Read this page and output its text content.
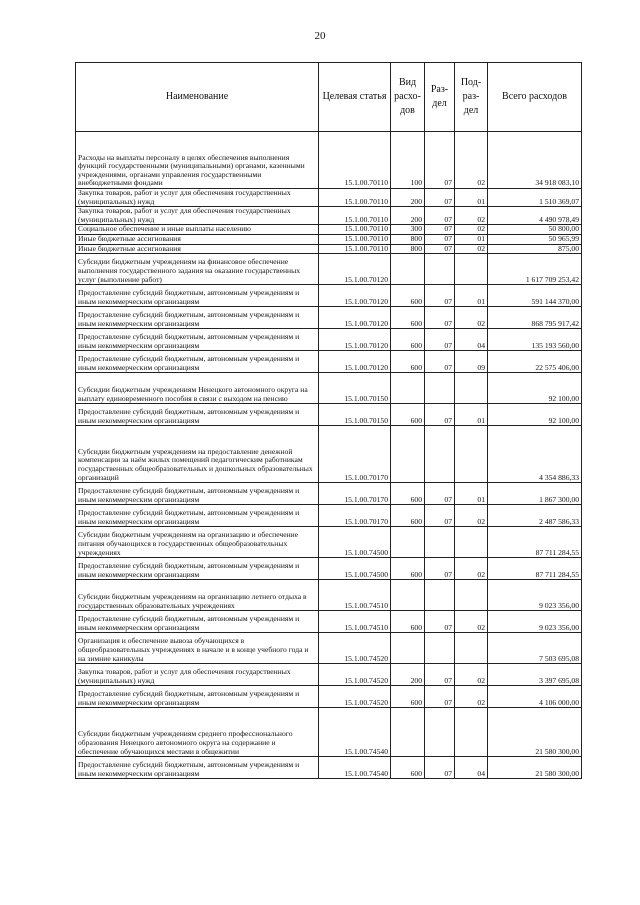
20
Наименование	Целевая статья	Вид расхо-дов	Раз-дел	Под-раз-дел	Всего расходов
Расходы на выплаты персоналу в целях обеспечения выполнения функций государственными (муниципальными) органами, казенными учреждениями, органами управления государственными внебюджетными фондами	15.1.00.70110	100	07	02	34 918 083,10
Закупка товаров, работ и услуг для обеспечения государственных (муниципальных) нужд	15.1.00.70110	200	07	01	1 510 369,07
Закупка товаров, работ и услуг для обеспечения государственных (муниципальных) нужд	15.1.00.70110	200	07	02	4 490 978,49
Социальное обеспечение и иные выплаты населению	15.1.00.70110	300	07	02	50 800,00
Иные бюджетные ассигнования	15.1.00.70110	800	07	01	50 965,99
Иные бюджетные ассигнования	15.1.00.70110	800	07	02	875,00
Субсидии бюджетным учреждениям на финансовое обеспечение выполнения государственного задания на оказание государственных услуг (выполнение работ)	15.1.00.70120				1 617 709 253,42
Предоставление субсидий бюджетным, автономным учреждениям и иным некоммерческим организациям	15.1.00.70120	600	07	01	591 144 370,00
Предоставление субсидий бюджетным, автономным учреждениям и иным некоммерческим организациям	15.1.00.70120	600	07	02	868 795 917,42
Предоставление субсидий бюджетным, автономным учреждениям и иным некоммерческим организациям	15.1.00.70120	600	07	04	135 193 560,00
Предоставление субсидий бюджетным, автономным учреждениям и иным некоммерческим организациям	15.1.00.70120	600	07	09	22 575 406,00
Субсидии бюджетным учреждениям Ненецкого автономного округа на выплату единовременного пособия в связи с выходом на пенсию	15.1.00.70150				92 100,00
Предоставление субсидий бюджетным, автономным учреждениям и иным некоммерческим организациям	15.1.00.70150	600	07	01	92 100,00
Субсидии бюджетным учреждениям на предоставление денежной компенсации за наём жилых помещений педагогическим работникам государственных общеобразовательных и дошкольных образовательных организаций	15.1.00.70170				4 354 886,33
Предоставление субсидий бюджетным, автономным учреждениям и иным некоммерческим организациям	15.1.00.70170	600	07	01	1 867 300,00
Предоставление субсидий бюджетным, автономным учреждениям и иным некоммерческим организациям	15.1.00.70170	600	07	02	2 487 586,33
Субсидии бюджетным учреждениям на организацию и обеспечение питания обучающихся в государственных общеобразовательных учреждениях	15.1.00.74500				87 711 284,55
Предоставление субсидий бюджетным, автономным учреждениям и иным некоммерческим организациям	15.1.00.74500	600	07	02	87 711 284,55
Субсидии бюджетным учреждениям на организацию летнего отдыха в государственных образовательных учреждениях	15.1.00.74510				9 023 356,00
Предоставление субсидий бюджетным, автономным учреждениям и иным некоммерческим организациям	15.1.00.74510	600	07	02	9 023 356,00
Организация и обеспечение вывоза обучающихся в общеобразовательных учреждениях в начале и в конце учебного года и на зимние каникулы	15.1.00.74520				7 503 695,08
Закупка товаров, работ и услуг для обеспечения государственных (муниципальных) нужд	15.1.00.74520	200	07	02	3 397 695,08
Предоставление субсидий бюджетным, автономным учреждениям и иным некоммерческим организациям	15.1.00.74520	600	07	02	4 106 000,00
Субсидии бюджетным учреждениям среднего профессионального образования Ненецкого автономного округа на содержание и обеспечение обучающихся местами в общежитии	15.1.00.74540				21 580 300,00
Предоставление субсидий бюджетным, автономным учреждениям и иным некоммерческим организациям	15.1.00.74540	600	07	04	21 580 300,00
